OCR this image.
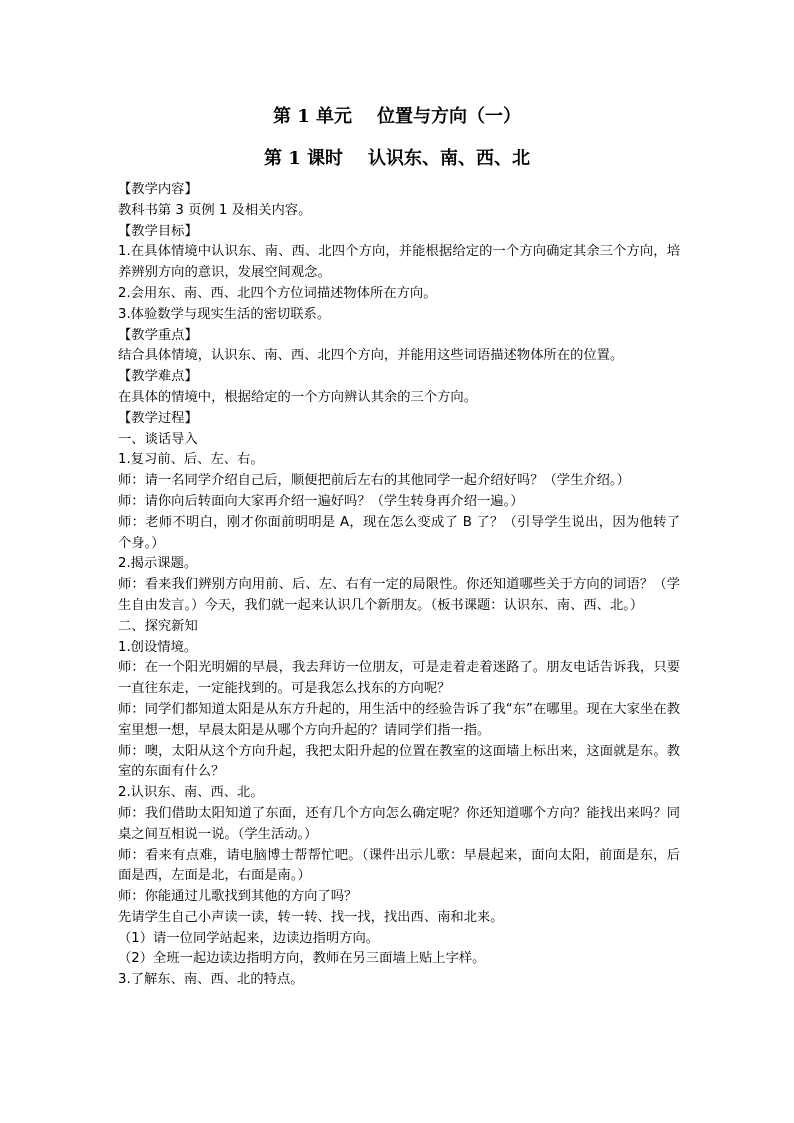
第 1 单元    位置与方向（一）
第 1 课时    认识东、南、西、北
【教学内容】
教科书第 3 页例 1 及相关内容。
【教学目标】
1.在具体情境中认识东、南、西、北四个方向，并能根据给定的一个方向确定其余三个方向，培养辨别方向的意识，发展空间观念。
2.会用东、南、西、北四个方位词描述物体所在方向。
3.体验数学与现实生活的密切联系。
【教学重点】
结合具体情境，认识东、南、西、北四个方向，并能用这些词语描述物体所在的位置。
【教学难点】
在具体的情境中，根据给定的一个方向辨认其余的三个方向。
【教学过程】
一、谈话导入
1.复习前、后、左、右。
师：请一名同学介绍自己后，顺便把前后左右的其他同学一起介绍好吗？（学生介绍。）
师：请你向后转面向大家再介绍一遍好吗？（学生转身再介绍一遍。）
师：老师不明白，刚才你面前明明是 A，现在怎么变成了 B 了？（引导学生说出，因为他转了个身。）
2.揭示课题。
师：看来我们辨别方向用前、后、左、右有一定的局限性。你还知道哪些关于方向的词语？（学生自由发言。）今天，我们就一起来认识几个新朋友。（板书课题：认识东、南、西、北。）
二、探究新知
1.创设情境。
师：在一个阳光明媚的早晨，我去拜访一位朋友，可是走着走着迷路了。朋友电话告诉我，只要一直往东走，一定能找到的。可是我怎么找东的方向呢？
师：同学们都知道太阳是从东方升起的，用生活中的经验告诉了我“东”在哪里。现在大家坐在教室里想一想，早晨太阳是从哪个方向升起的？请同学们指一指。
师：噢，太阳从这个方向升起，我把太阳升起的位置在教室的这面墙上标出来，这面就是东。教室的东面有什么？
2.认识东、南、西、北。
师：我们借助太阳知道了东面，还有几个方向怎么确定呢？你还知道哪个方向？能找出来吗？同桌之间互相说一说。（学生活动。）
师：看来有点难，请电脑博士帮帮忙吧。（课件出示儿歌：早晨起来，面向太阳，前面是东，后面是西，左面是北，右面是南。）
师：你能通过儿歌找到其他的方向了吗？
先请学生自己小声读一读，转一转、找一找，找出西、南和北来。
（1）请一位同学站起来，边读边指明方向。
（2）全班一起边读边指明方向，教师在另三面墙上贴上字样。
3.了解东、南、西、北的特点。
